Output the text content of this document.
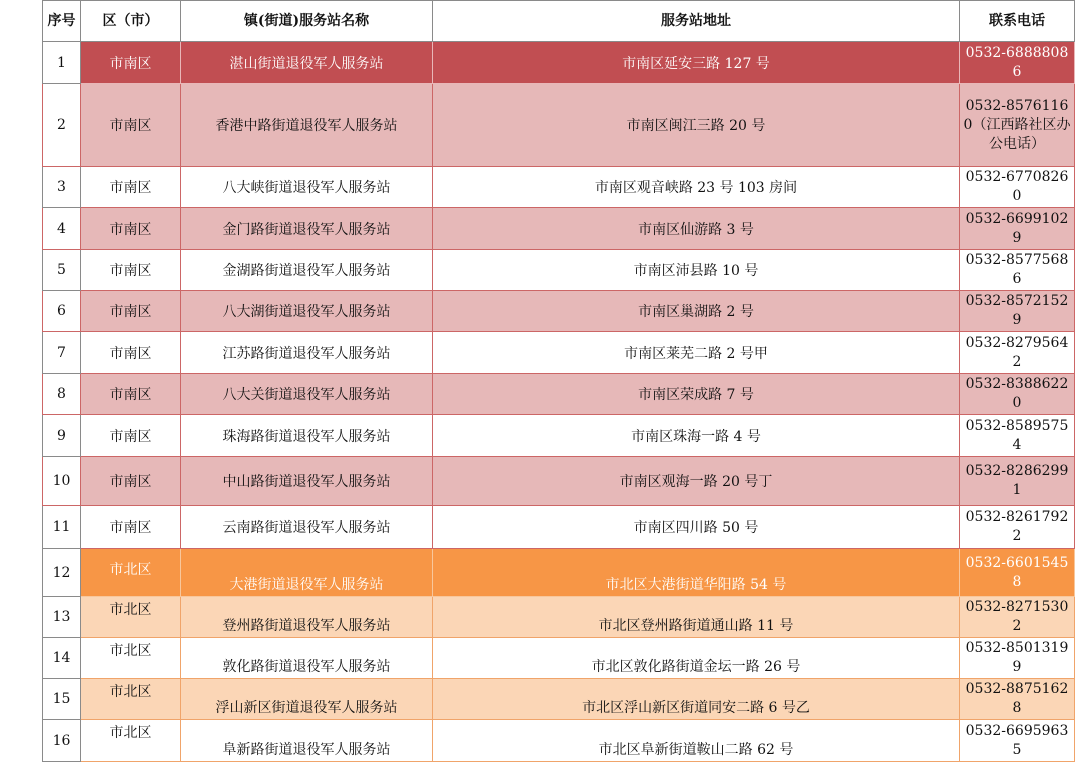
序号	区（市）	镇(街道)服务站名称	服务站地址	联系电话
1	市南区	湛山街道退役军人服务站	市南区延安三路 127 号	0532-68888086
2	市南区	香港中路街道退役军人服务站	市南区闽江三路 20 号	0532-85761160（江西路社区办公电话）
3	市南区	八大峡街道退役军人服务站	市南区观音峡路 23 号 103 房间	0532-67708260
4	市南区	金门路街道退役军人服务站	市南区仙游路 3 号	0532-66991029
5	市南区	金湖路街道退役军人服务站	市南区沛县路 10 号	0532-85775686
6	市南区	八大湖街道退役军人服务站	市南区巢湖路 2 号	0532-85721529
7	市南区	江苏路街道退役军人服务站	市南区莱芜二路 2 号甲	0532-82795642
8	市南区	八大关街道退役军人服务站	市南区荣成路 7 号	0532-83886220
9	市南区	珠海路街道退役军人服务站	市南区珠海一路 4 号	0532-85895754
10	市南区	中山路街道退役军人服务站	市南区观海一路 20 号丁	0532-82862991
11	市南区	云南路街道退役军人服务站	市南区四川路 50 号	0532-82617922
12	市北区	大港街道退役军人服务站	市北区大港街道华阳路 54 号	0532-66015458
13	市北区	登州路街道退役军人服务站	市北区登州路街道通山路 11 号	0532-82715302
14	市北区	敦化路街道退役军人服务站	市北区敦化路街道金坛一路 26 号	0532-85013199
15	市北区	浮山新区街道退役军人服务站	市北区浮山新区街道同安二路 6 号乙	0532-88751628
16	市北区	阜新路街道退役军人服务站	市北区阜新街道鞍山二路 62 号	0532-66959635
